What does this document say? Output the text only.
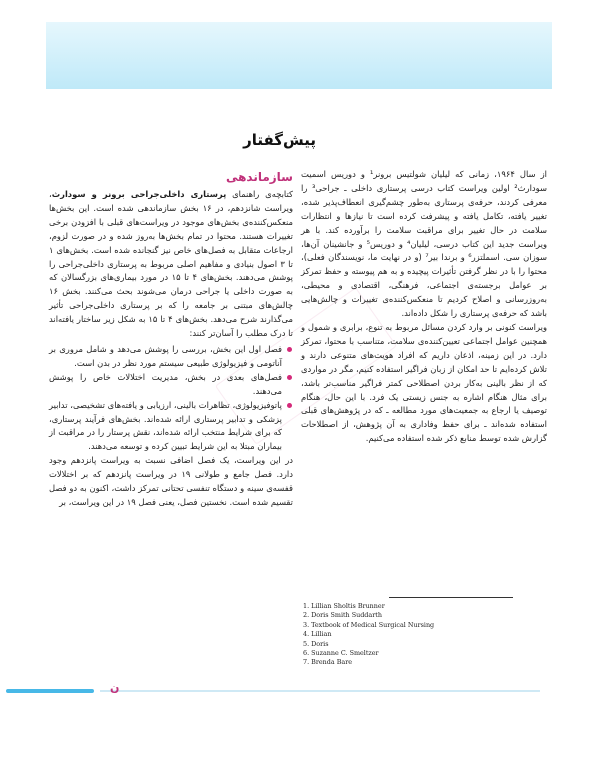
پیش‌گفتار

از سال ۱۹۶۴، زمانی که لیلیان شولتیس برونر¹ و دوریس اسمیت سودارث² اولین ویراست کتاب درسی پرستاری داخلی ـ جراحی³ را معرفی کردند، حرفه‌ی پرستاری به‌طور چشم‌گیری انعطاف‌پذیر شده، تغییر یافته، تکامل یافته و پیشرفت کرده است تا نیازها و انتظارات سلامت در حال تغییر برای مراقبت سلامت را برآورده کند. با هر ویراست جدید این کتاب درسی، لیلیان⁴ و دوریس⁵ و جانشینان آن‌ها، سوزان سی. اسملتزر⁶ و برندا بیر⁷ (و در نهایت ما، نویسندگان فعلی)، محتوا را با در نظر گرفتن تأثیرات پیچیده و به هم پیوسته و حفظ تمرکز بر عوامل برجسته‌ی اجتماعی، فرهنگی، اقتصادی و محیطی، به‌روزرسانی و اصلاح کردیم تا منعکس‌کننده‌ی تغییرات و چالش‌هایی باشد که حرفه‌ی پرستاری را شکل داده‌اند.

ویراست کنونی بر وارد کردن مسائل مربوط به تنوع، برابری و شمول و همچنین عوامل اجتماعی تعیین‌کننده‌ی سلامت، متناسب با محتوا، تمرکز دارد. در این زمینه، اذعان داریم که افراد هویت‌های متنوعی دارند و تلاش کرده‌ایم تا حد امکان از زبان فراگیر استفاده کنیم، مگر در مواردی که از نظر بالینی به‌کار بردن اصطلاحی کمتر فراگیر مناسب‌تر باشد، برای مثال هنگام اشاره به جنس زیستی یک فرد. با این حال، هنگام توصیف یا ارجاع به جمعیت‌های مورد مطالعه ـ که در پژوهش‌های قبلی استفاده شده‌اند ـ برای حفظ وفاداری به آن پژوهش، از اصطلاحات گزارش شده توسط منابع ذکر شده استفاده می‌کنیم.

سازماندهی

کتابچه‌ی راهنمای پرستاری داخلی‌جراحی برونر و سودارث، ویراست شانزدهم، در ۱۶ بخش سازماندهی شده است. این بخش‌ها منعکس‌کننده‌ی بخش‌های موجود در ویراست‌های قبلی با افزودن برخی تغییرات هستند. محتوا در تمام بخش‌ها به‌روز شده و در صورت لزوم، ارجاعات متقابل به فصل‌های خاص نیز گنجانده شده است. بخش‌های ۱ تا ۳ اصول بنیادی و مفاهیم اصلی مربوط به پرستاری داخلی‌جراحی را پوشش می‌دهند. بخش‌های ۴ تا ۱۵ در مورد بیماری‌های بزرگسالان که به صورت داخلی یا جراحی درمان می‌شوند بحث می‌کنند. بخش ۱۶ چالش‌های مبتنی بر جامعه را که بر پرستاری داخلی‌جراحی تأثیر می‌گذارند شرح می‌دهد. بخش‌های ۴ تا ۱۵ به شکل زیر ساختار یافته‌اند تا درک مطلب را آسان‌تر کنند:

فصل اول این بخش، بررسی را پوشش می‌دهد و شامل مروری بر آناتومی و فیزیولوژی طبیعی سیستم مورد نظر در بدن است.
فصل‌های بعدی در بخش، مدیریت اختلالات خاص را پوشش می‌دهند.
پاتوفیزیولوژی، تظاهرات بالینی، ارزیابی و یافته‌های تشخیصی، تدابیر پزشکی و تدابیر پرستاری ارائه شده‌اند. بخش‌های فرآیند پرستاری، که برای شرایط منتخب ارائه شده‌اند، نقش پرستار را در مراقبت از بیماران مبتلا به این شرایط تبیین کرده و توسعه می‌دهند.

در این ویراست، یک فصل اضافی نسبت به ویراست پانزدهم وجود دارد. فصل جامع و طولانی ۱۹ در ویراست پانزدهم که بر اختلالات قفسه‌ی سینه و دستگاه تنفسی تحتانی تمرکز داشت، اکنون به دو فصل تقسیم شده است. نخستین فصل، یعنی فصل ۱۹ در این ویراست، بر

1. Lillian Sholtis Brunner
2. Doris Smith Suddarth
3. Textbook of Medical Surgical Nursing
4. Lillian
5. Doris
6. Suzanne C. Smeltzer
7. Brenda Bare
ن
